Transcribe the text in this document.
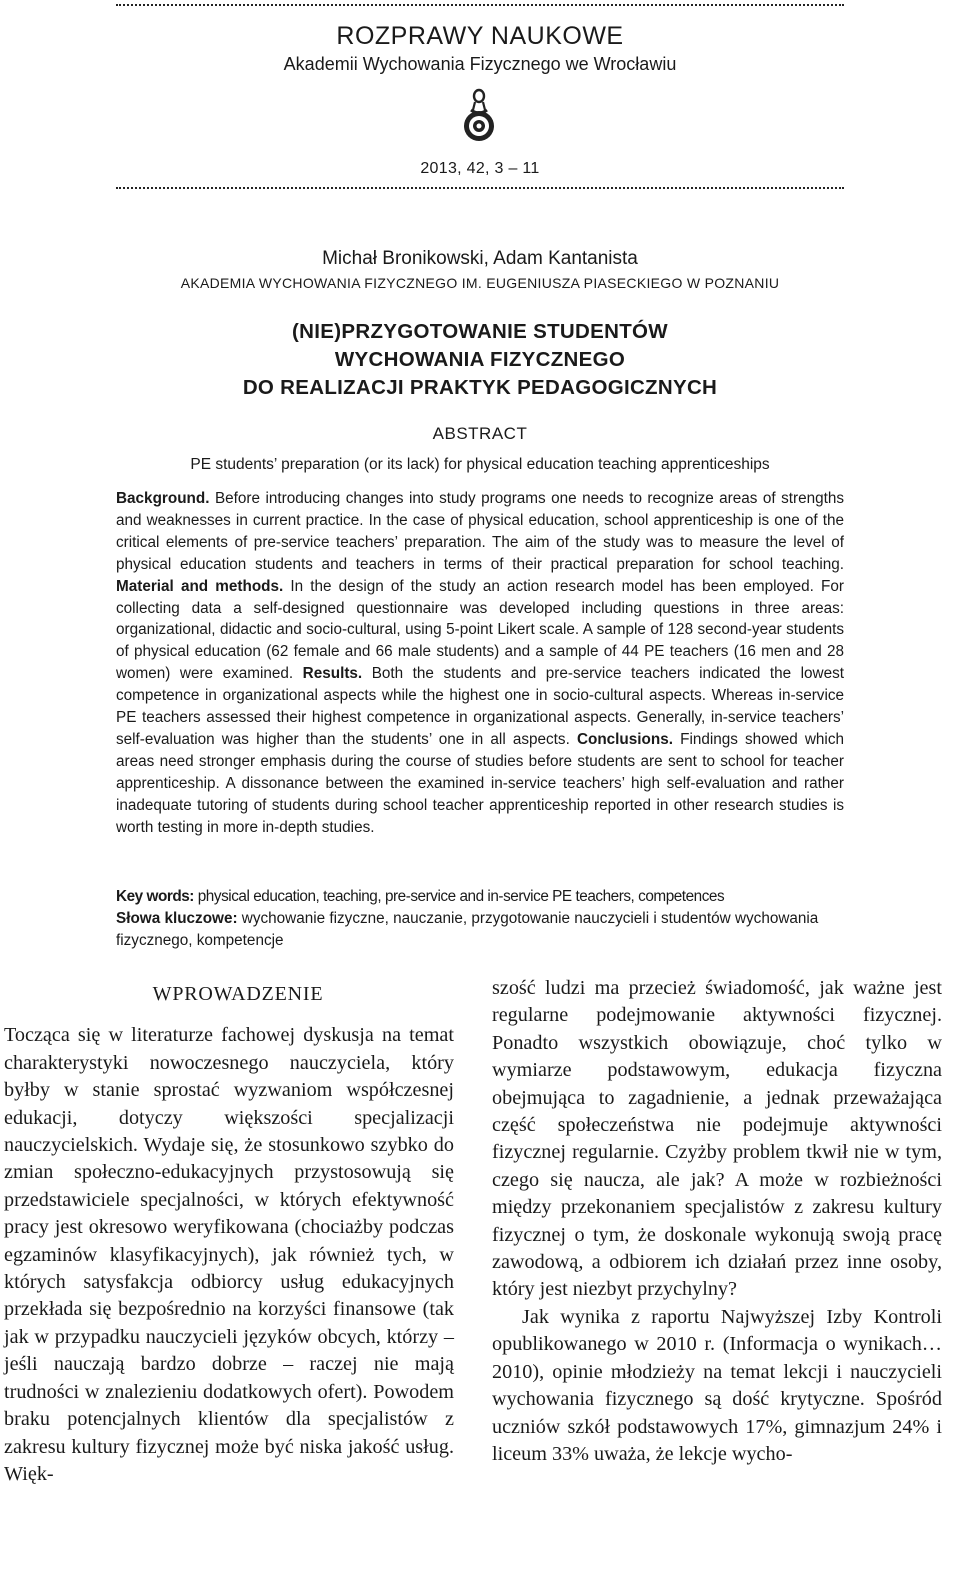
ROZPRAWY NAUKOWE
Akademii Wychowania Fizycznego we Wrocławiu
2013, 42, 3 – 11
Michał Bronikowski, Adam Kantanista
AKADEMIA WYCHOWANIA FIZYCZNEGO IM. EUGENIUSZA PIASECKIEGO W POZNANIU
(NIE)PRZYGOTOWANIE STUDENTÓW
WYCHOWANIA FIZYCZNEGO
DO REALIZACJI PRAKTYK PEDAGOGICZNYCH
ABSTRACT
PE students’ preparation (or its lack) for physical education teaching apprenticeships
Background. Before introducing changes into study programs one needs to recognize areas of strengths and weaknesses in current practice. In the case of physical education, school apprenticeship is one of the critical elements of pre-service teachers’ preparation. The aim of the study was to measure the level of physical education students and teachers in terms of their practical preparation for school teaching. Material and methods. In the design of the study an action research model has been employed. For collecting data a self-designed questionnaire was developed including questions in three areas: organizational, didactic and socio-cultural, using 5-point Likert scale. A sample of 128 second-year students of physical education (62 female and 66 male students) and a sample of 44 PE teachers (16 men and 28 women) were examined. Results. Both the students and pre-service teachers indicated the lowest competence in organizational aspects while the highest one in socio-cultural aspects. Whereas in-service PE teachers assessed their highest competence in organizational aspects. Generally, in-service teachers’ self-evaluation was higher than the students’ one in all aspects. Conclusions. Findings showed which areas need stronger emphasis during the course of studies before students are sent to school for teacher apprenticeship. A dissonance between the examined in-service teachers’ high self-evaluation and rather inadequate tutoring of students during school teacher apprenticeship reported in other research studies is worth testing in more in-depth studies.
Key words: physical education, teaching, pre-service and in-service PE teachers, competences
Słowa kluczowe: wychowanie fizyczne, nauczanie, przygotowanie nauczycieli i studentów wychowania fizycznego, kompetencje
WPROWADZENIE

Tocząca się w literaturze fachowej dyskusja na temat charakterystyki nowoczesnego nauczyciela, który byłby w stanie sprostać wyzwaniom współczesnej edukacji, dotyczy większości specjalizacji nauczycielskich. Wydaje się, że stosunkowo szybko do zmian społeczno-edukacyjnych przystosowują się przedstawiciele specjalności, w których efektywność pracy jest okresowo weryfikowana (chociażby podczas egzaminów klasyfikacyjnych), jak również tych, w których satysfakcja odbiorcy usług edukacyjnych przekłada się bezpośrednio na korzyści finansowe (tak jak w przypadku nauczycieli języków obcych, którzy – jeśli nauczają bardzo dobrze – raczej nie mają trudności w znalezieniu dodatkowych ofert). Powodem braku potencjalnych klientów dla specjalistów z zakresu kultury fizycznej może być niska jakość usług. Więk-

szość ludzi ma przecież świadomość, jak ważne jest regularne podejmowanie aktywności fizycznej. Ponadto wszystkich obowiązuje, choć tylko w wymiarze podstawowym, edukacja fizyczna obejmująca to zagadnienie, a jednak przeważająca część społeczeństwa nie podejmuje aktywności fizycznej regularnie. Czyżby problem tkwił nie w tym, czego się naucza, ale jak? A może w rozbieżności między przekonaniem specjalistów z zakresu kultury fizycznej o tym, że doskonale wykonują swoją pracę zawodową, a odbiorem ich działań przez inne osoby, który jest niezbyt przychylny?

Jak wynika z raportu Najwyższej Izby Kontroli opublikowanego w 2010 r. (Informacja o wynikach… 2010), opinie młodzieży na temat lekcji i nauczycieli wychowania fizycznego są dość krytyczne. Spośród uczniów szkół podstawowych 17%, gimnazjum 24% i liceum 33% uważa, że lekcje wycho-
